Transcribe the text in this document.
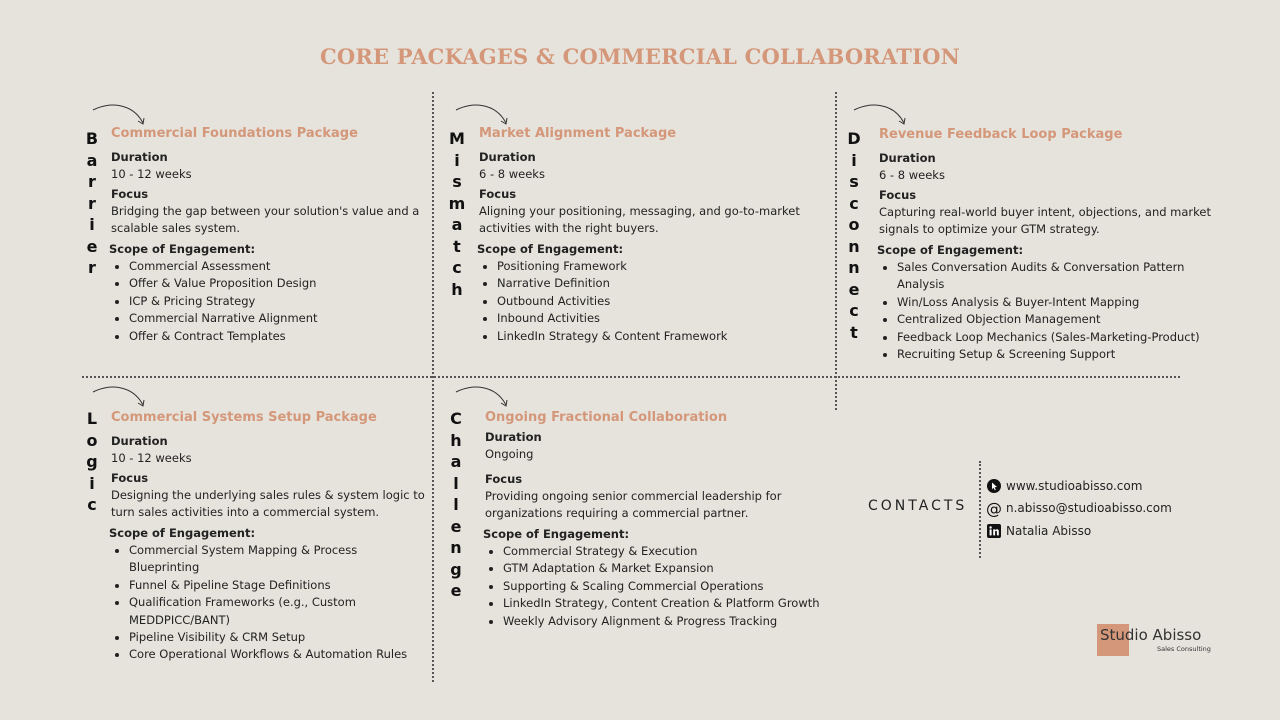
CORE PACKAGES & COMMERCIAL COLLABORATION
B
a
r
r
i
e
r
M
i
s
m
a
t
c
h
D
i
s
c
o
n
n
e
c
t
L
o
g
i
c
C
h
a
l
l
e
n
g
e

Commercial Foundations Package

Duration

10 - 12 weeks

Focus

Bridging the gap between your solution's value and a scalable sales system.

Scope of Engagement:

• Commercial Assessment
• Offer & Value Proposition Design
• ICP & Pricing Strategy
• Commercial Narrative Alignment
• Offer & Contract Templates

Market Alignment Package

Duration

6 - 8 weeks

Focus

Aligning your positioning, messaging, and go-to-market activities with the right buyers.

Scope of Engagement:

• Positioning Framework
• Narrative Definition
• Outbound Activities
• Inbound Activities
• LinkedIn Strategy & Content Framework

Revenue Feedback Loop Package

Duration

6 - 8 weeks

Focus

Capturing real-world buyer intent, objections, and market signals to optimize your GTM strategy.

Scope of Engagement:

• Sales Conversation Audits & Conversation Pattern Analysis
• Win/Loss Analysis & Buyer-Intent Mapping
• Centralized Objection Management
• Feedback Loop Mechanics (Sales-Marketing-Product)
• Recruiting Setup & Screening Support

Commercial Systems Setup Package

Duration

10 - 12 weeks

Focus

Designing the underlying sales rules & system logic to turn sales activities into a commercial system.

Scope of Engagement:

• Commercial System Mapping & Process Blueprinting
• Funnel & Pipeline Stage Definitions
• Qualification Frameworks (e.g., Custom MEDDPICC/BANT)
• Pipeline Visibility & CRM Setup
• Core Operational Workflows & Automation Rules

Ongoing Fractional Collaboration

Duration

Ongoing

Focus

Providing ongoing senior commercial leadership for organizations requiring a commercial partner.

Scope of Engagement:

• Commercial Strategy & Execution
• GTM Adaptation & Market Expansion
• Supporting & Scaling Commercial Operations
• LinkedIn Strategy, Content Creation & Platform Growth
• Weekly Advisory Alignment & Progress Tracking
CONTACTS
www.studioabisso.com
@ n.abisso@studioabisso.com
Natalia Abisso
Studio Abisso
Sales Consulting
